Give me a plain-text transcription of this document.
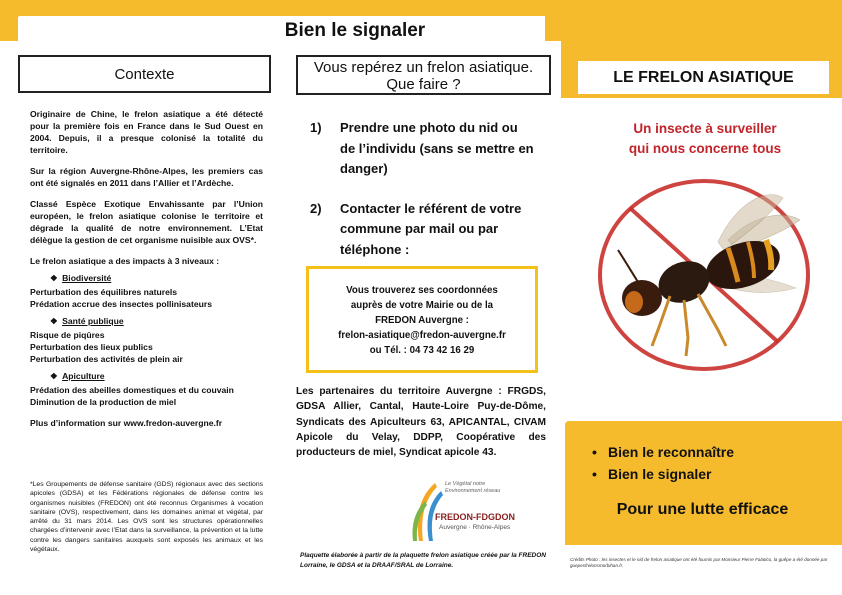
Bien le signaler
Contexte

Originaire de Chine, le frelon asiatique a été détecté pour la première fois en France dans le Sud Ouest en 2004. Depuis, il a presque colonisé la totalité du territoire.

Sur la région Auvergne-Rhône-Alpes, les premiers cas ont été signalés en 2011 dans l’Allier et l’Ardèche.

Classé Espèce Exotique Envahissante par l’Union européen, le frelon asiatique colonise le territoire et dégrade la qualité de notre environnement. L’Etat délègue la gestion de cet organisme nuisible aux OVS*.

Le frelon asiatique a des impacts à 3 niveaux :

❖ Biodiversité
Perturbation des équilibres naturels
Prédation accrue des insectes pollinisateurs
❖ Santé publique
Risque de piqûres
Perturbation des lieux publics
Perturbation des activités de plein air
❖ Apiculture
Prédation des abeilles domestiques et du couvain
Diminution de la production de miel

Plus d’information sur www.fredon-auvergne.fr

*Les Groupements de défense sanitaire (GDS) régionaux avec des sections apicoles (GDSA) et les Fédérations régionales de défense contre les organismes nuisibles (FREDON) ont été reconnus Organismes à vocation sanitaire (OVS), respectivement, dans les domaines animal et végétal, par arrêté du 31 mars 2014. Les OVS sont les structures opérationnelles chargées d’intervenir avec l’Etat dans la surveillance, la prévention et la lutte contre les dangers sanitaires auxquels sont exposés les animaux et les végétaux.
Vous repérez un frelon asiatique. Que faire ?
1)	Prendre une photo du nid ou de l’individu (sans se mettre en danger)
2)	Contacter le référent de votre commune par mail ou par téléphone :
Vous trouverez ses coordonnées
auprès de votre Mairie ou de la
FREDON Auvergne :
frelon-asiatique@fredon-auvergne.fr
ou Tél. : 04 73 42 16 29
Les partenaires du territoire Auvergne : FRGDS, GDSA Allier, Cantal, Haute-Loire Puy-de-Dôme, Syndicats des Apiculteurs 63, APICANTAL, CIVAM Apicole du Velay, DDPP, Coopérative des producteurs de miel, Syndicat apicole 43.
Le Végétal notre Environnement réseau
FREDON-FDGDON
Auvergne · Rhône-Alpes
Plaquette élaborée à partir de la plaquette frelon asiatique créée par la FREDON Lorraine, le GDSA et la DRAAF/SRAL de Lorraine.
LE FRELON ASIATIQUE
Un insecte à surveiller
qui nous concerne tous
• Bien le reconnaître
• Bien le signaler
Pour une lutte efficace
Crédits Photo : les insectes et le nid de frelon asiatique ont été fournis par Monsieur Pierre Falatico, la guêpe a été donnée par guepesfrelonsmorbihan.fr.
